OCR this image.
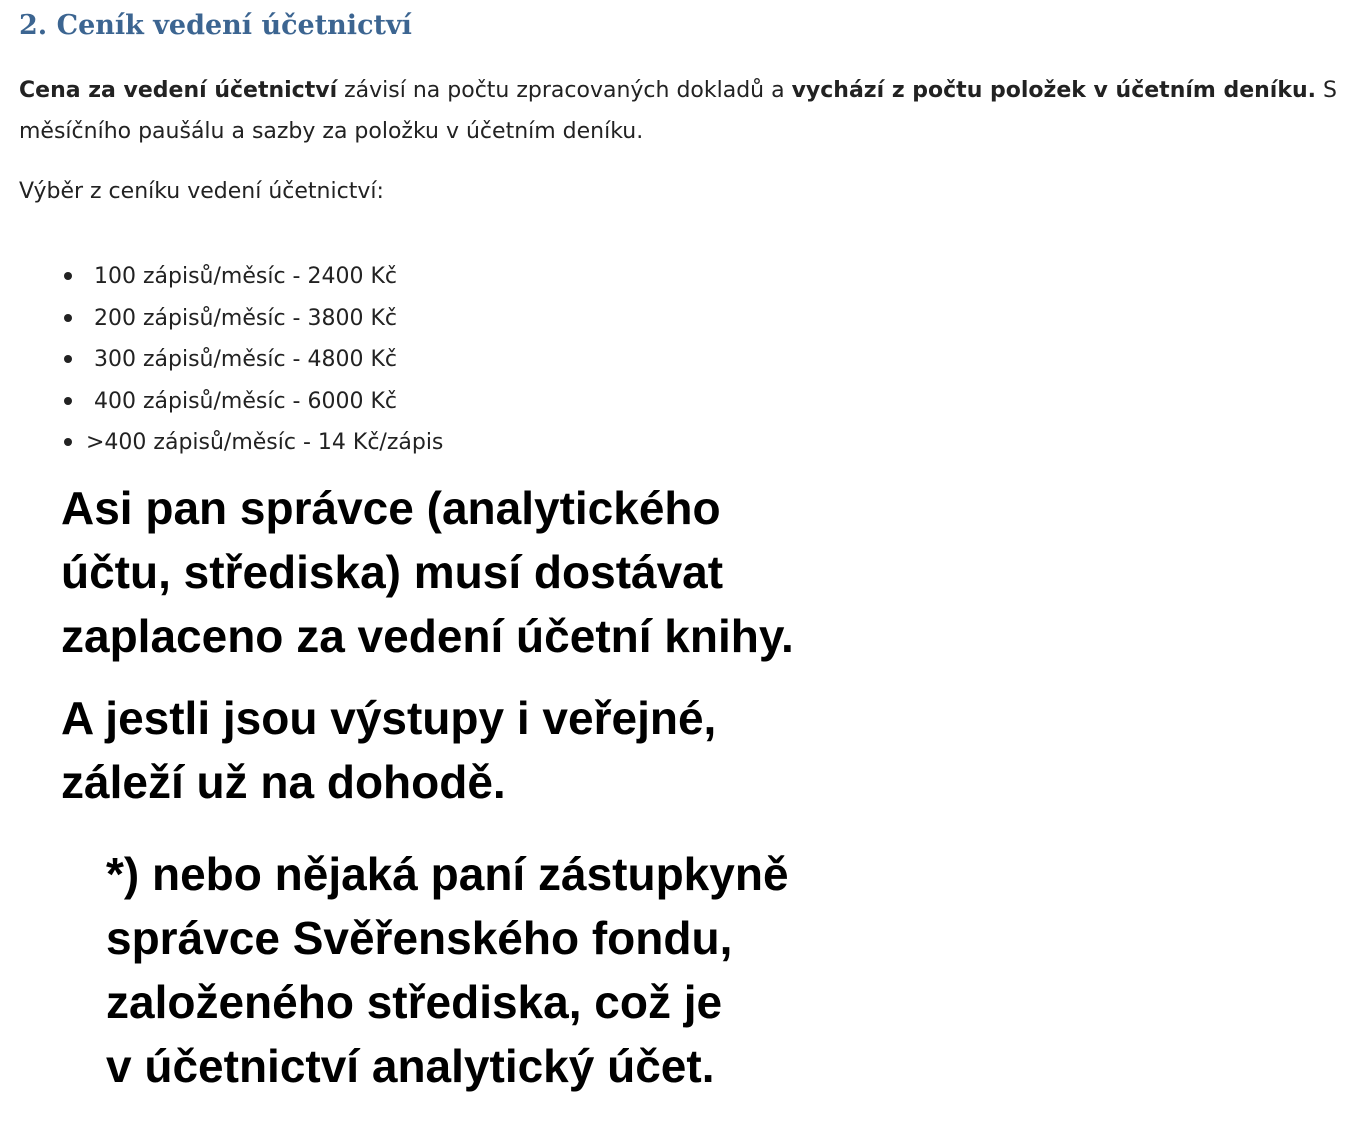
2. Ceník vedení účetnictví

Cena za vedení účetnictví závisí na počtu zpracovaných dokladů a vychází z počtu položek v účetním deníku. S
měsíčního paušálu a sazby za položku v účetním deníku.

Výběr z ceníku vedení účetnictví:

100 zápisů/měsíc - 2400 Kč
200 zápisů/měsíc - 3800 Kč
300 zápisů/měsíc - 4800 Kč
400 zápisů/měsíc - 6000 Kč
>400 zápisů/měsíc - 14 Kč/zápis
Asi pan správce (analytického
účtu, střediska) musí dostávat
zaplaceno za vedení účetní knihy.
A jestli jsou výstupy i veřejné,
záleží už na dohodě.
*) nebo nějaká paní zástupkyně
správce Svěřenského fondu,
založeného střediska, což je
v účetnictví analytický účet.
